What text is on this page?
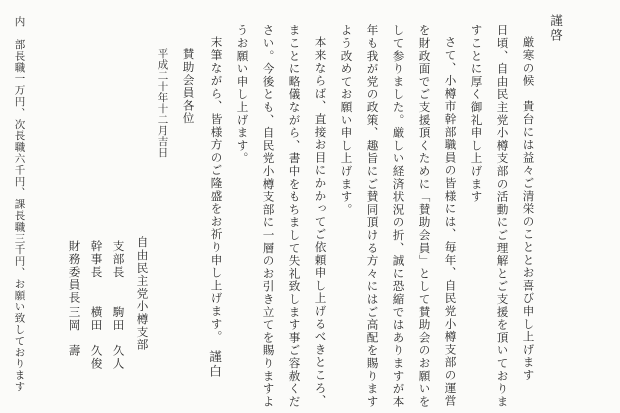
謹啓
厳寒の候　貴台には益々ご清栄のこととお喜び申し上げます
日頃、自由民主党小樽支部の活動にご理解とご支援を頂いておりま
すことに厚く御礼申し上げます
さて、小樽市幹部職員の皆様には、毎年、自民党小樽支部の運営
を財政面でご支援頂くために「賛助会員」として賛助会のお願いを
して参りました。厳しい経済状況の折、誠に恐縮ではありますが本
年も我が党の政策、趣旨にご賛同頂ける方々にはご高配を賜ります
よう改めてお願い申し上げます。
本来ならば、直接お目にかかってご依頼申し上げるべきところ、
まことに略儀ながら、書中をもちまして失礼致します事ご容赦くだ
さい。今後とも、自民党小樽支部に一層のお引き立てを賜りますよ
うお願い申し上げます。
末筆ながら、皆様方のご隆盛をお祈り申し上げます。
謹白
賛助会員各位
平成二十年十二月吉日
自由民主党小樽支部
支部長
駒田　久人
幹事長
横田　久俊
財務委員長
三岡　壽
内　部長職一万円、次長職六千円、課長職三千円、お願い致しております
